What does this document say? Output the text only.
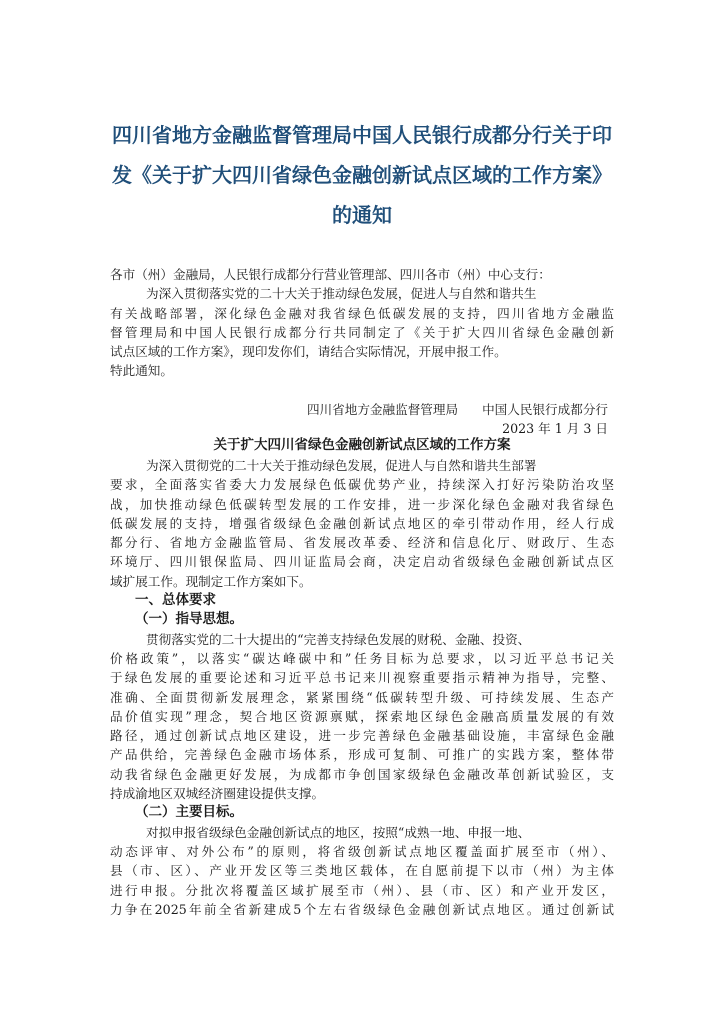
四川省地方金融监督管理局中国人民银行成都分行关于印
发《关于扩大四川省绿色金融创新试点区域的工作方案》
的通知
各市（州）金融局，人民银行成都分行营业管理部、四川各市（州）中心支行：
为深入贯彻落实党的二十大关于推动绿色发展，促进人与自然和谐共生
有关战略部署，深化绿色金融对我省绿色低碳发展的支持，四川省地方金融监
督管理局和中国人民银行成都分行共同制定了《关于扩大四川省绿色金融创新
试点区域的工作方案》，现印发你们，请结合实际情况，开展申报工作。
特此通知。
四川省地方金融监督管理局 中国人民银行成都分行
2023 年 1 月 3 日
关于扩大四川省绿色金融创新试点区域的工作方案
为深入贯彻党的二十大关于推动绿色发展，促进人与自然和谐共生部署
要求，全面落实省委大力发展绿色低碳优势产业，持续深入打好污染防治攻坚
战，加快推动绿色低碳转型发展的工作安排，进一步深化绿色金融对我省绿色
低碳发展的支持，增强省级绿色金融创新试点地区的牵引带动作用，经人行成
都分行、省地方金融监管局、省发展改革委、经济和信息化厅、财政厅、生态
环境厅、四川银保监局、四川证监局会商，决定启动省级绿色金融创新试点区
域扩展工作。现制定工作方案如下。
一、总体要求
（一）指导思想。
贯彻落实党的二十大提出的“完善支持绿色发展的财税、金融、投资、
价格政策”，以落实“碳达峰碳中和”任务目标为总要求，以习近平总书记关
于绿色发展的重要论述和习近平总书记来川视察重要指示精神为指导，完整、
准确、全面贯彻新发展理念，紧紧围绕“低碳转型升级、可持续发展、生态产
品价值实现”理念，契合地区资源禀赋，探索地区绿色金融高质量发展的有效
路径，通过创新试点地区建设，进一步完善绿色金融基础设施，丰富绿色金融
产品供给，完善绿色金融市场体系，形成可复制、可推广的实践方案，整体带
动我省绿色金融更好发展，为成都市争创国家级绿色金融改革创新试验区，支
持成渝地区双城经济圈建设提供支撑。
（二）主要目标。
对拟申报省级绿色金融创新试点的地区，按照“成熟一地、申报一地、
动态评审、对外公布”的原则，将省级创新试点地区覆盖面扩展至市（州）、
县（市、区）、产业开发区等三类地区载体，在自愿前提下以市（州）为主体
进行申报。分批次将覆盖区域扩展至市（州）、县（市、区）和产业开发区，
力争在2025年前全省新建成5个左右省级绿色金融创新试点地区。通过创新试
